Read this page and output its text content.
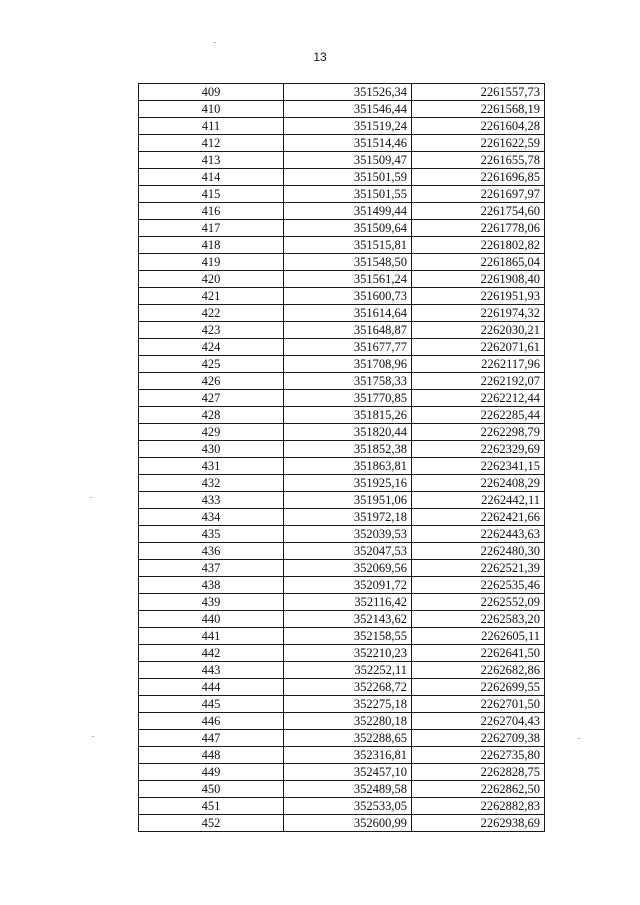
13
409	351526,34	2261557,73
410	351546,44	2261568,19
411	351519,24	2261604,28
412	351514,46	2261622,59
413	351509,47	2261655,78
414	351501,59	2261696,85
415	351501,55	2261697,97
416	351499,44	2261754,60
417	351509,64	2261778,06
418	351515,81	2261802,82
419	351548,50	2261865,04
420	351561,24	2261908,40
421	351600,73	2261951,93
422	351614,64	2261974,32
423	351648,87	2262030,21
424	351677,77	2262071,61
425	351708,96	2262117,96
426	351758,33	2262192,07
427	351770,85	2262212,44
428	351815,26	2262285,44
429	351820,44	2262298,79
430	351852,38	2262329,69
431	351863,81	2262341,15
432	351925,16	2262408,29
433	351951,06	2262442,11
434	351972,18	2262421,66
435	352039,53	2262443,63
436	352047,53	2262480,30
437	352069,56	2262521,39
438	352091,72	2262535,46
439	352116,42	2262552,09
440	352143,62	2262583,20
441	352158,55	2262605,11
442	352210,23	2262641,50
443	352252,11	2262682,86
444	352268,72	2262699,55
445	352275,18	2262701,50
446	352280,18	2262704,43
447	352288,65	2262709,38
448	352316,81	2262735,80
449	352457,10	2262828,75
450	352489,58	2262862,50
451	352533,05	2262882,83
452	352600,99	2262938,69
